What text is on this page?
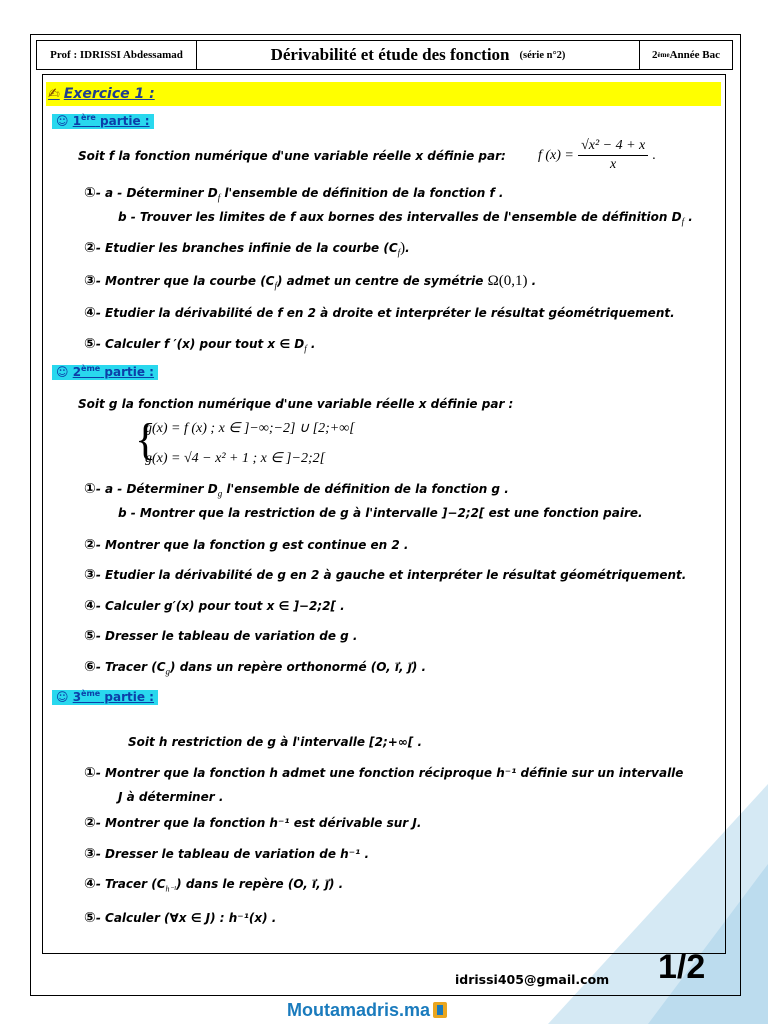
Prof : IDRISSI Abdessamad	Dérivabilité et étude des fonction (série n°2)	2 ème Année Bac
✍ Exercice 1 :
☺ 1ère partie :
Soit f la fonction numérique d'une variable réelle x définie par: f $(x) = \frac{\text{√x² − 4 + x}}{x}$ .
①- a - Déterminer $D_f$ l'ensemble de définition de la fonction f .
b - Trouver les limites de f aux bornes des intervalles de l'ensemble de définition $D_f$ .
②- Etudier les branches infinie de la courbe $(C_f)$.
③- Montrer que la courbe $(C_f)$ admet un centre de symétrie Ω(0,1) .
④- Etudier la dérivabilité de f en 2 à droite et interpréter le résultat géométriquement.
⑤- Calculer f ′(x) pour tout x ∈ $D_f$ .
☺ 2ème partie :
Soit g la fonction numérique d'une variable réelle x définie par :
{
g(x) = f (x) ; x ∈ ]−∞;−2] ∪ [2;+∞[
g(x) = √4 − x² + 1 ; x ∈ ]−2;2[
①- a - Déterminer $D_g$ l'ensemble de définition de la fonction g .
b - Montrer que la restriction de g à l'intervalle ]−2;2[ est une fonction paire.
②- Montrer que la fonction g est continue en 2 .
③- Etudier la dérivabilité de g en 2 à gauche et interpréter le résultat géométriquement.
④- Calculer g′(x) pour tout x ∈ ]−2;2[ .
⑤- Dresser le tableau de variation de g .
⑥- Tracer $(C_g)$ dans un repère orthonormé (O, i⃗, j⃗) .
☺ 3ème partie :
Soit h restriction de g à l'intervalle [2;+∞[ .
①- Montrer que la fonction h admet une fonction réciproque h⁻¹ définie sur un intervalle
J à déterminer .
②- Montrer que la fonction h⁻¹ est dérivable sur J.
③- Dresser le tableau de variation de h⁻¹ .
④- Tracer $(C_{h^{-1}})$ dans le repère (O, i⃗, j⃗) .
⑤- Calculer (∀x ∈ J) : h⁻¹(x) .
idrissi405@gmail.com 1/2
Moutamadris.ma
